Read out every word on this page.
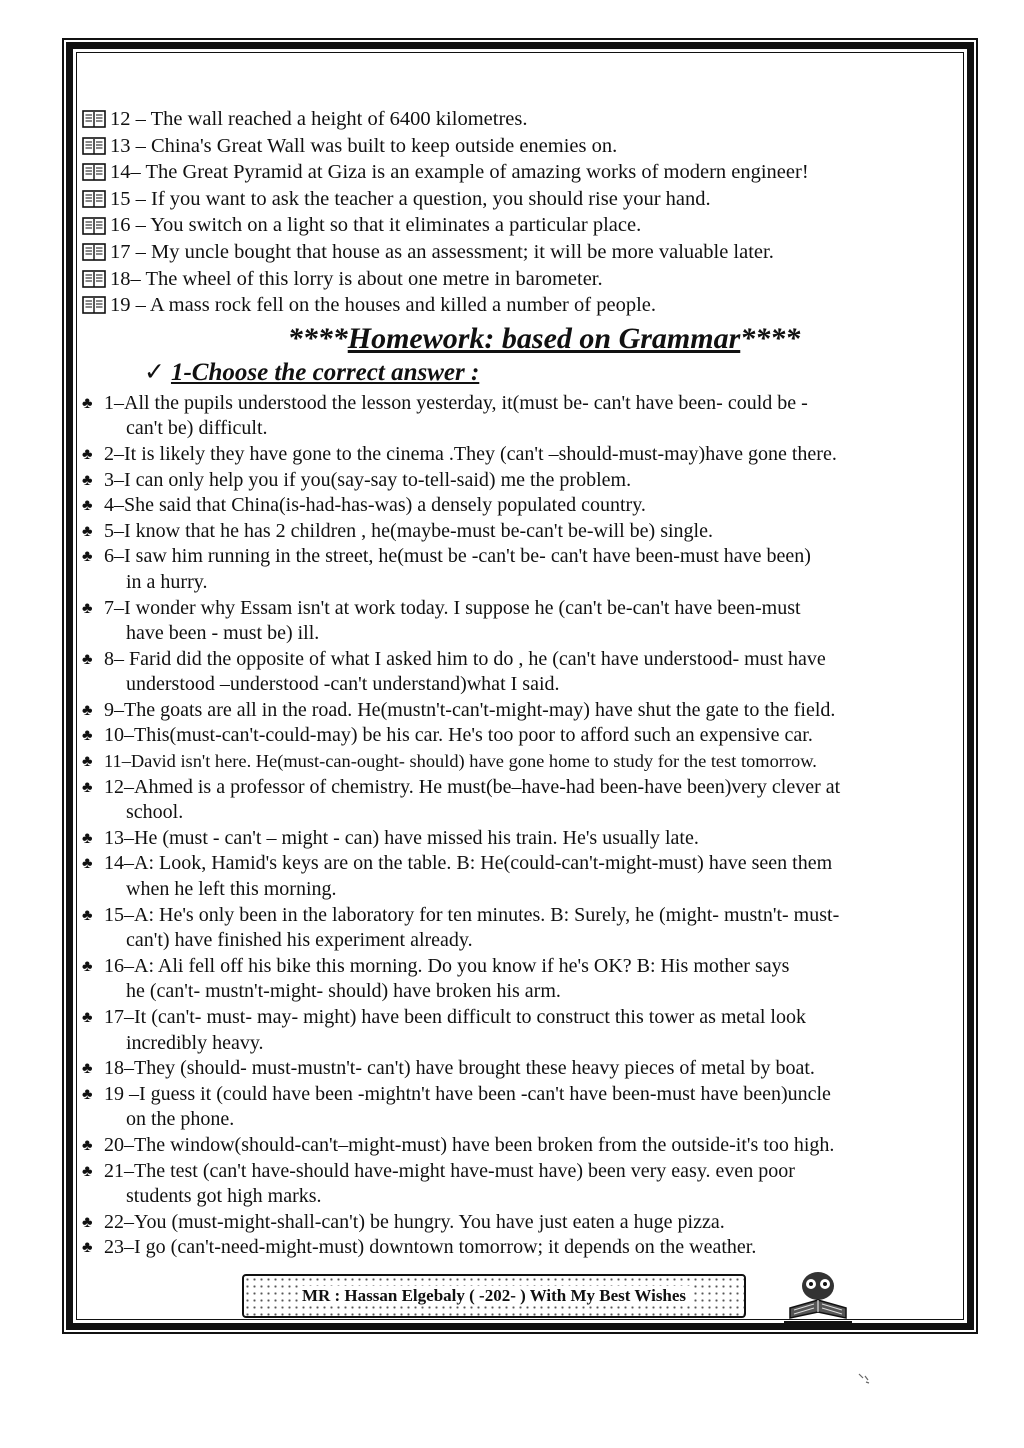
12 – The wall reached a height of 6400 kilometres.
13 – China's Great Wall was built to keep outside enemies on.
14– The Great Pyramid at Giza is an example of amazing works of modern engineer!
15 – If you want to ask the teacher a question, you should rise your hand.
16 – You switch on a light so that it eliminates a particular place.
17 – My uncle bought that house as an assessment; it will be more valuable later.
18– The wheel of this lorry is about one metre in barometer.
19 – A mass rock fell on the houses and killed a number of people.
****Homework: based on Grammar****
✓ 1-Choose the correct answer :
♣ 1–All the pupils understood the lesson yesterday, it(must be- can't have been- could be -
can't be) difficult.
♣ 2–It is likely they have gone to the cinema .They (can't –should-must-may)have gone there.
♣ 3–I can only help you if you(say-say to-tell-said) me the problem.
♣ 4–She said that China(is-had-has-was) a densely populated country.
♣ 5–I know that he has 2 children , he(maybe-must be-can't be-will be) single.
♣ 6–I saw him running in the street, he(must be -can't be- can't have been-must have been)
in a hurry.
♣ 7–I wonder why Essam isn't at work today. I suppose he (can't be-can't have been-must
have been - must be) ill.
♣ 8– Farid did the opposite of what I asked him to do , he (can't have understood- must have
understood –understood -can't understand)what I said.
♣ 9–The goats are all in the road. He(mustn't-can't-might-may) have shut the gate to the field.
♣ 10–This(must-can't-could-may) be his car. He's too poor to afford such an expensive car.
♣ 11–David isn't here. He(must-can-ought- should) have gone home to study for the test tomorrow.
♣ 12–Ahmed is a professor of chemistry. He must(be–have-had been-have been)very clever at
school.
♣ 13–He (must - can't – might - can) have missed his train. He's usually late.
♣ 14–A: Look, Hamid's keys are on the table. B: He(could-can't-might-must) have seen them
when he left this morning.
♣ 15–A: He's only been in the laboratory for ten minutes. B: Surely, he (might- mustn't- must-
can't) have finished his experiment already.
♣ 16–A: Ali fell off his bike this morning. Do you know if he's OK? B: His mother says
he (can't- mustn't-might- should) have broken his arm.
♣ 17–It (can't- must- may- might) have been difficult to construct this tower as metal look
incredibly heavy.
♣ 18–They (should- must-mustn't- can't) have brought these heavy pieces of metal by boat.
♣ 19 –I guess it (could have been -mightn't have been -can't have been-must have been)uncle
on the phone.
♣ 20–The window(should-can't–might-must) have been broken from the outside-it's too high.
♣ 21–The test (can't have-should have-might have-must have) been very easy. even poor
students got high marks.
♣ 22–You (must-might-shall-can't) be hungry. You have just eaten a huge pizza.
♣ 23–I go (can't-need-might-must) downtown tomorrow; it depends on the weather.
MR : Hassan Elgebaly ( -202- ) With My Best Wishes
